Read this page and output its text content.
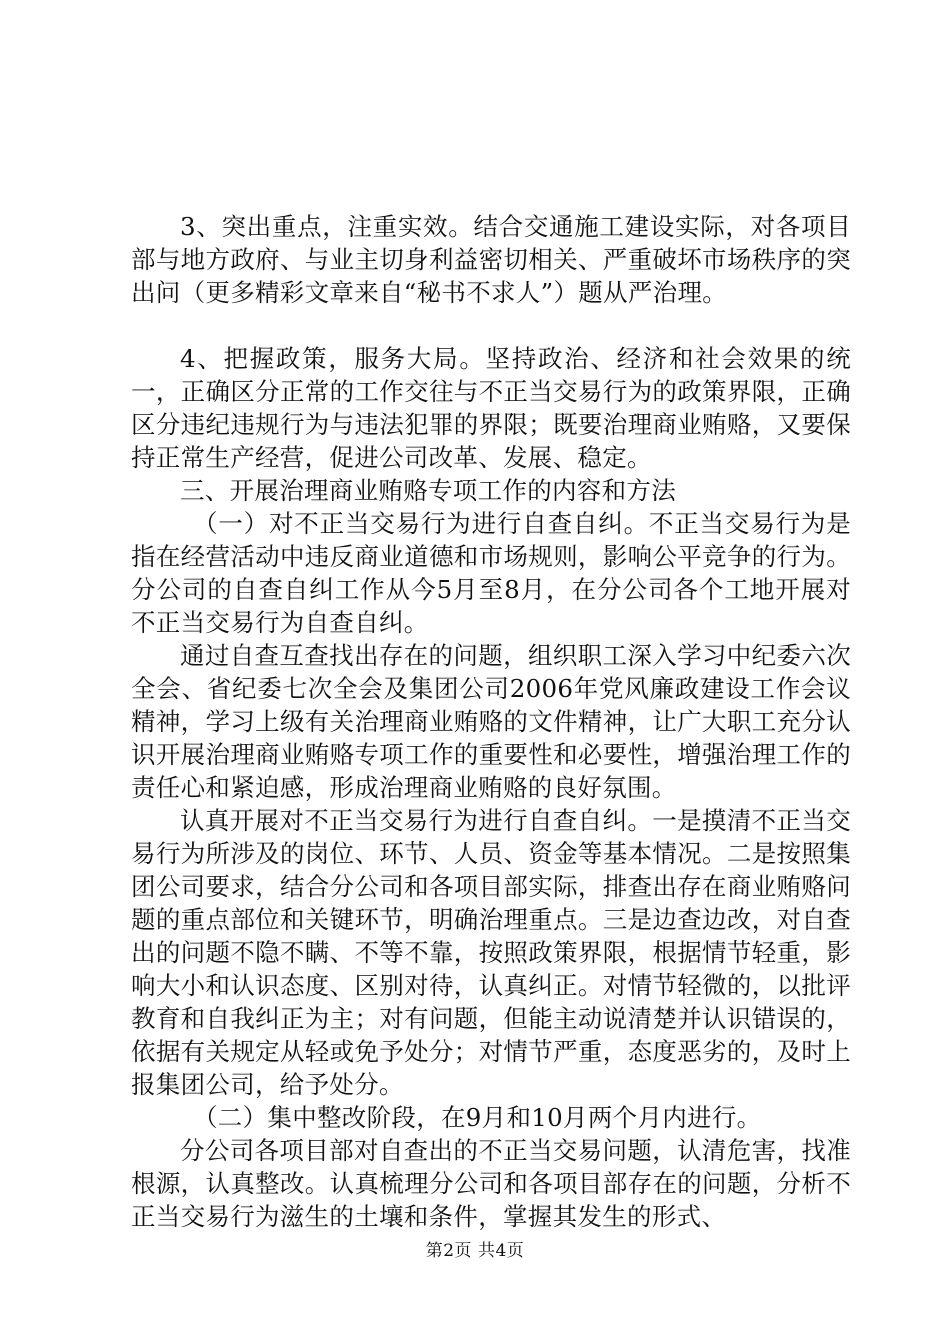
3、突出重点，注重实效。结合交通施工建设实际，对各项目部与地方政府、与业主切身利益密切相关、严重破坏市场秩序的突出问（更多精彩文章来自“秘书不求人”）题从严治理。

4、把握政策，服务大局。坚持政治、经济和社会效果的统一，正确区分正常的工作交往与不正当交易行为的政策界限，正确区分违纪违规行为与违法犯罪的界限；既要治理商业贿赂，又要保持正常生产经营，促进公司改革、发展、稳定。

三、开展治理商业贿赂专项工作的内容和方法

（一）对不正当交易行为进行自查自纠。不正当交易行为是指在经营活动中违反商业道德和市场规则，影响公平竞争的行为。分公司的自查自纠工作从今5月至8月，在分公司各个工地开展对不正当交易行为自查自纠。

通过自查互查找出存在的问题，组织职工深入学习中纪委六次全会、省纪委七次全会及集团公司2006年党风廉政建设工作会议精神，学习上级有关治理商业贿赂的文件精神，让广大职工充分认识开展治理商业贿赂专项工作的重要性和必要性，增强治理工作的责任心和紧迫感，形成治理商业贿赂的良好氛围。

认真开展对不正当交易行为进行自查自纠。一是摸清不正当交易行为所涉及的岗位、环节、人员、资金等基本情况。二是按照集团公司要求，结合分公司和各项目部实际，排查出存在商业贿赂问题的重点部位和关键环节，明确治理重点。三是边查边改，对自查出的问题不隐不瞒、不等不靠，按照政策界限，根据情节轻重，影响大小和认识态度、区别对待，认真纠正。对情节轻微的，以批评教育和自我纠正为主；对有问题，但能主动说清楚并认识错误的，依据有关规定从轻或免予处分；对情节严重，态度恶劣的，及时上报集团公司，给予处分。

（二）集中整改阶段，在9月和10月两个月内进行。

分公司各项目部对自查出的不正当交易问题，认清危害，找准根源，认真整改。认真梳理分公司和各项目部存在的问题，分析不正当交易行为滋生的土壤和条件，掌握其发生的形式、

第2页 共4页
